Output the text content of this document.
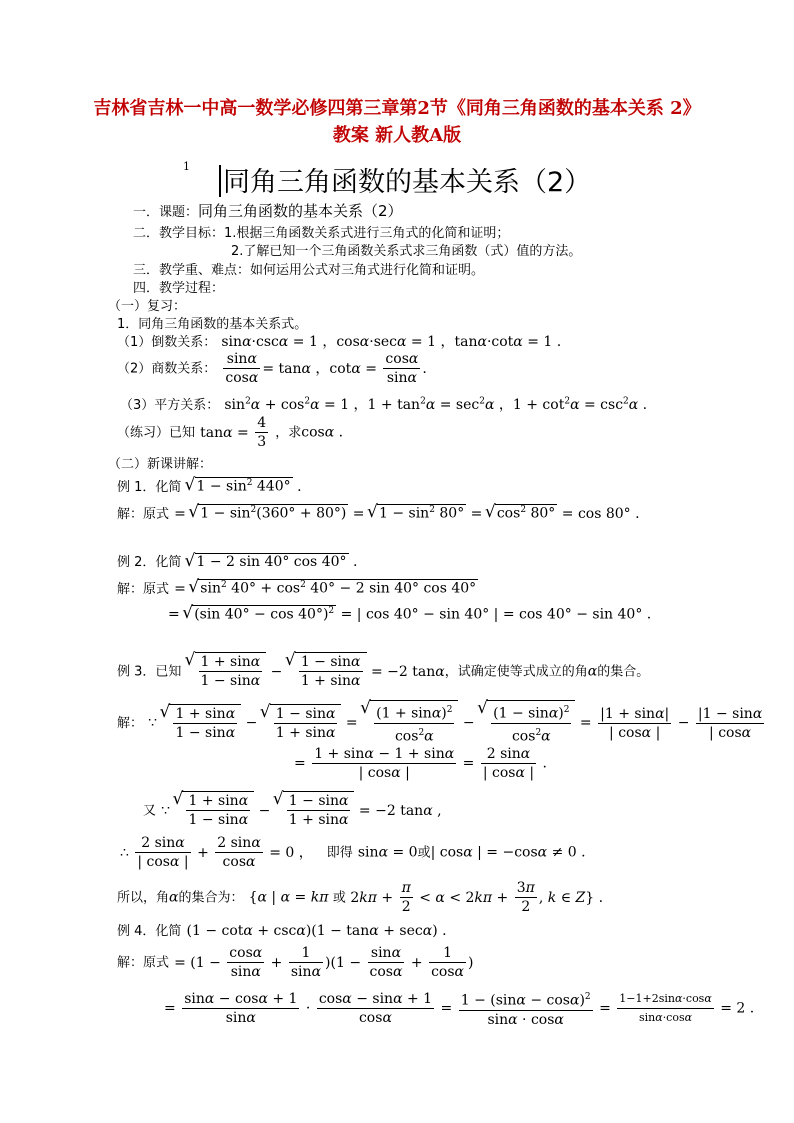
吉林省吉林一中高一数学必修四第三章第2节《同角三角函数的基本关系 2》教案 新人教A版
1
同角三角函数的基本关系（2）
一．课题：同角三角函数的基本关系（2）
二．教学目标：1.根据三角函数关系式进行三角式的化简和证明；
2.了解已知一个三角函数关系式求三角函数（式）值的方法。
三．教学重、难点：如何运用公式对三角式进行化简和证明。
四．教学过程：
（一）复习：
1．同角三角函数的基本关系式。
（1）倒数关系： sinα·cscα = 1 ，cosα·secα = 1 ，tanα·cotα = 1 .
（2）商数关系： $\frac{\sin\alpha}{\cos\alpha} = \tan\alpha$ ，$\cot\alpha = \frac{\cos\alpha}{\sin\alpha}$ .
（3）平方关系： $\sin^2\alpha + \cos^2\alpha = 1$ ，$1 + \tan^2\alpha = \sec^2\alpha$ ，$1 + \cot^2\alpha = \csc^2\alpha$ .
（练习）已知 $\tan\alpha = \frac{4}{3}$ ，求cosα .
（二）新课讲解：
例 1．化简 √ $1 - \sin^2 440^\circ$ .
解：原式 = √ $1 - \sin^2(360^\circ + 80^\circ)$ = √ $1 - \sin^2 80^\circ$ = √ $\cos^2 80^\circ = \cos 80^\circ$ .
例 2．化简 √ 1 − 2 sin 40° cos 40° .
解：原式 = √ $\sin^2 40^\circ + \cos^2 40^\circ - 2$ sin 40° cos 40°
= √ (sin 40° − cos 40°)$^2$ = | cos 40° − sin 40° | = cos 40° − sin 40° .
例 3．已知 √ $\frac{1 + \sin\alpha}{1 - \sin\alpha}$ − √ $\frac{1 - \sin\alpha}{1 + \sin\alpha} = -2$ tanα，试确定使等式成立的角α的集合。
解： ∵ √ $\frac{1 + \sin\alpha}{1 - \sin\alpha}$ − √ $\frac{1 - \sin\alpha}{1 + \sin\alpha}$ = √ $\frac{(1 + \sin\alpha)^2}{\cos^2\alpha}$ − √ $\frac{(1 - \sin\alpha)^2}{\cos^2\alpha} = \frac{|1 + \sin\alpha|}{| \cos\alpha |} - \frac{|1 - \sin\alpha}{| \cos\alpha}$
= $\frac{1 + \sin\alpha - 1 + \sin\alpha}{| \cos\alpha |} = \frac{2 \sin\alpha}{| \cos\alpha |}$ .
又 ∵ √ $\frac{1 + \sin\alpha}{1 - \sin\alpha}$ − √ $\frac{1 - \sin\alpha}{1 + \sin\alpha} = -2$ tanα ,
∴ $\frac{2 \sin\alpha}{| \cos\alpha |} + \frac{2 \sin\alpha}{\cos\alpha} = 0$ ，   即得 sinα = 0或| cosα | = −cosα ≠ 0 .
所以，角α的集合为： {α | α = kπ 或 $2k\pi + \frac{\pi}{2} < \alpha < 2k\pi + \frac{3\pi}{2}$ , k ∈ Z} .
例 4．化简 (1 − cotα + cscα)(1 − tanα + secα) .
解：原式 = $(1 - \frac{\cos\alpha}{\sin\alpha} + \frac{1}{\sin\alpha} )(1 - \frac{\sin\alpha}{\cos\alpha} + \frac{1}{\cos\alpha}$ )
= $\frac{\sin\alpha - \cos\alpha + 1}{\sin\alpha} \cdot \frac{\cos\alpha - \sin\alpha + 1}{\cos\alpha} = \frac{1 - (\sin\alpha - \cos\alpha)^2}{\sin\alpha \cdot \cos\alpha} = \frac{1-1+2\sin\alpha\cdot\cos\alpha}{\sin\alpha\cdot\cos\alpha} = 2$ .
